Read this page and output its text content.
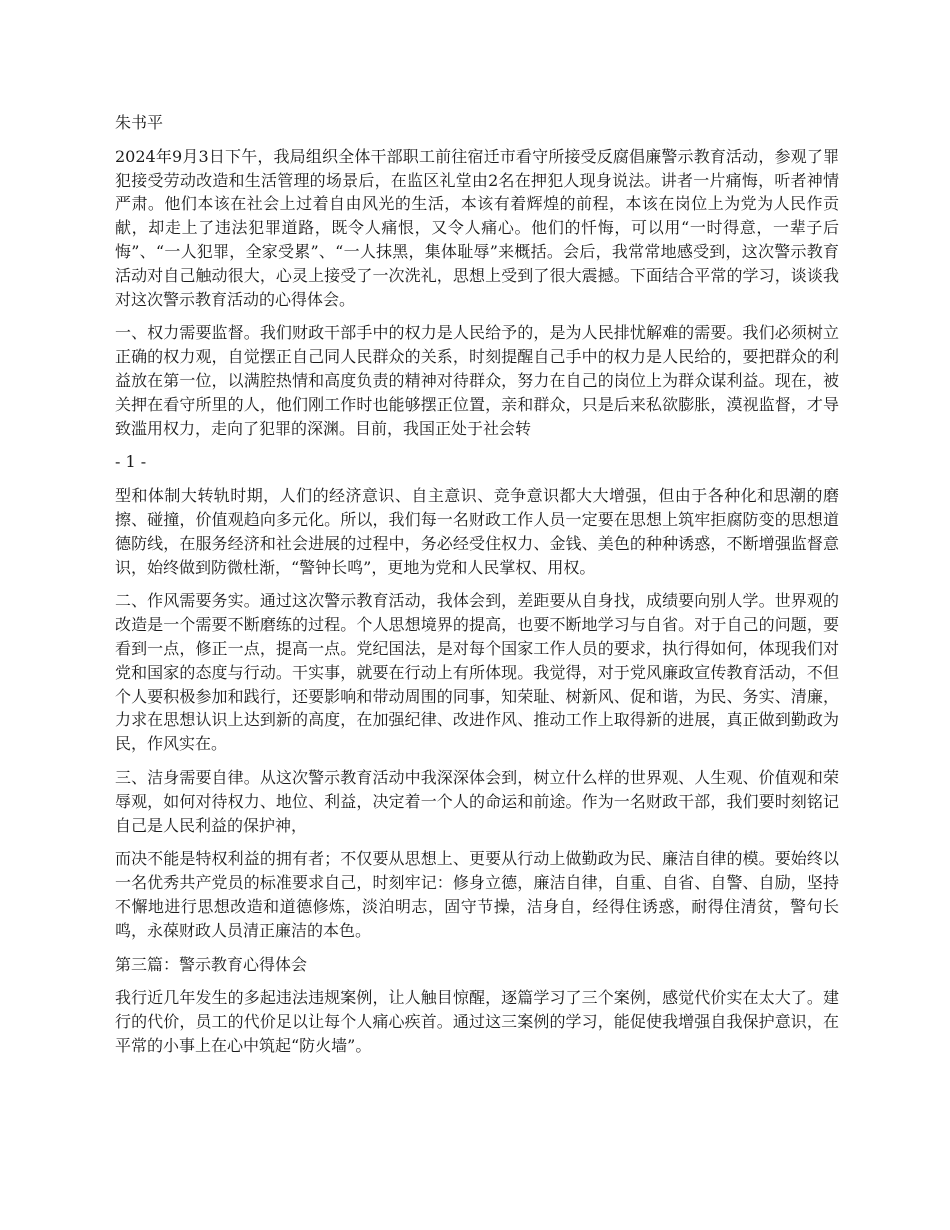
朱书平

2024年9月3日下午，我局组织全体干部职工前往宿迁市看守所接受反腐倡廉警示教育活动，参观了罪犯接受劳动改造和生活管理的场景后，在监区礼堂由2名在押犯人现身说法。讲者一片痛悔，听者神情严肃。他们本该在社会上过着自由风光的生活，本该有着辉煌的前程，本该在岗位上为党为人民作贡献，却走上了违法犯罪道路，既令人痛恨，又令人痛心。他们的忏悔，可以用“一时得意，一辈子后悔”、“一人犯罪，全家受累”、“一人抹黑，集体耻辱”来概括。会后，我常常地感受到，这次警示教育活动对自己触动很大，心灵上接受了一次洗礼，思想上受到了很大震撼。下面结合平常的学习，谈谈我对这次警示教育活动的心得体会。

一、权力需要监督。我们财政干部手中的权力是人民给予的，是为人民排忧解难的需要。我们必须树立正确的权力观，自觉摆正自己同人民群众的关系，时刻提醒自己手中的权力是人民给的，要把群众的利益放在第一位，以满腔热情和高度负责的精神对待群众，努力在自己的岗位上为群众谋利益。现在，被关押在看守所里的人，他们刚工作时也能够摆正位置，亲和群众，只是后来私欲膨胀，漠视监督，才导致滥用权力，走向了犯罪的深渊。目前，我国正处于社会转

- 1 -

型和体制大转轨时期，人们的经济意识、自主意识、竞争意识都大大增强，但由于各种化和思潮的磨擦、碰撞，价值观趋向多元化。所以，我们每一名财政工作人员一定要在思想上筑牢拒腐防变的思想道德防线，在服务经济和社会进展的过程中，务必经受住权力、金钱、美色的种种诱惑，不断增强监督意识，始终做到防微杜渐，“警钟长鸣”，更地为党和人民掌权、用权。

二、作风需要务实。通过这次警示教育活动，我体会到，差距要从自身找，成绩要向别人学。世界观的改造是一个需要不断磨练的过程。个人思想境界的提高，也要不断地学习与自省。对于自己的问题，要看到一点，修正一点，提高一点。党纪国法，是对每个国家工作人员的要求，执行得如何，体现我们对党和国家的态度与行动。干实事，就要在行动上有所体现。我觉得，对于党风廉政宣传教育活动，不但个人要积极参加和践行，还要影响和带动周围的同事，知荣耻、树新风、促和谐，为民、务实、清廉，力求在思想认识上达到新的高度，在加强纪律、改进作风、推动工作上取得新的进展，真正做到勤政为民，作风实在。

三、洁身需要自律。从这次警示教育活动中我深深体会到，树立什么样的世界观、人生观、价值观和荣辱观，如何对待权力、地位、利益，决定着一个人的命运和前途。作为一名财政干部，我们要时刻铭记自己是人民利益的保护神，

而决不能是特权利益的拥有者；不仅要从思想上、更要从行动上做勤政为民、廉洁自律的模。要始终以一名优秀共产党员的标准要求自己，时刻牢记：修身立德，廉洁自律，自重、自省、自警、自励，坚持不懈地进行思想改造和道德修炼，淡泊明志，固守节操，洁身自，经得住诱惑，耐得住清贫，警句长鸣，永葆财政人员清正廉洁的本色。

第三篇：警示教育心得体会

我行近几年发生的多起违法违规案例，让人触目惊醒，逐篇学习了三个案例，感觉代价实在太大了。建行的代价，员工的代价足以让每个人痛心疾首。通过这三案例的学习，能促使我增强自我保护意识，在平常的小事上在心中筑起“防火墙”。
